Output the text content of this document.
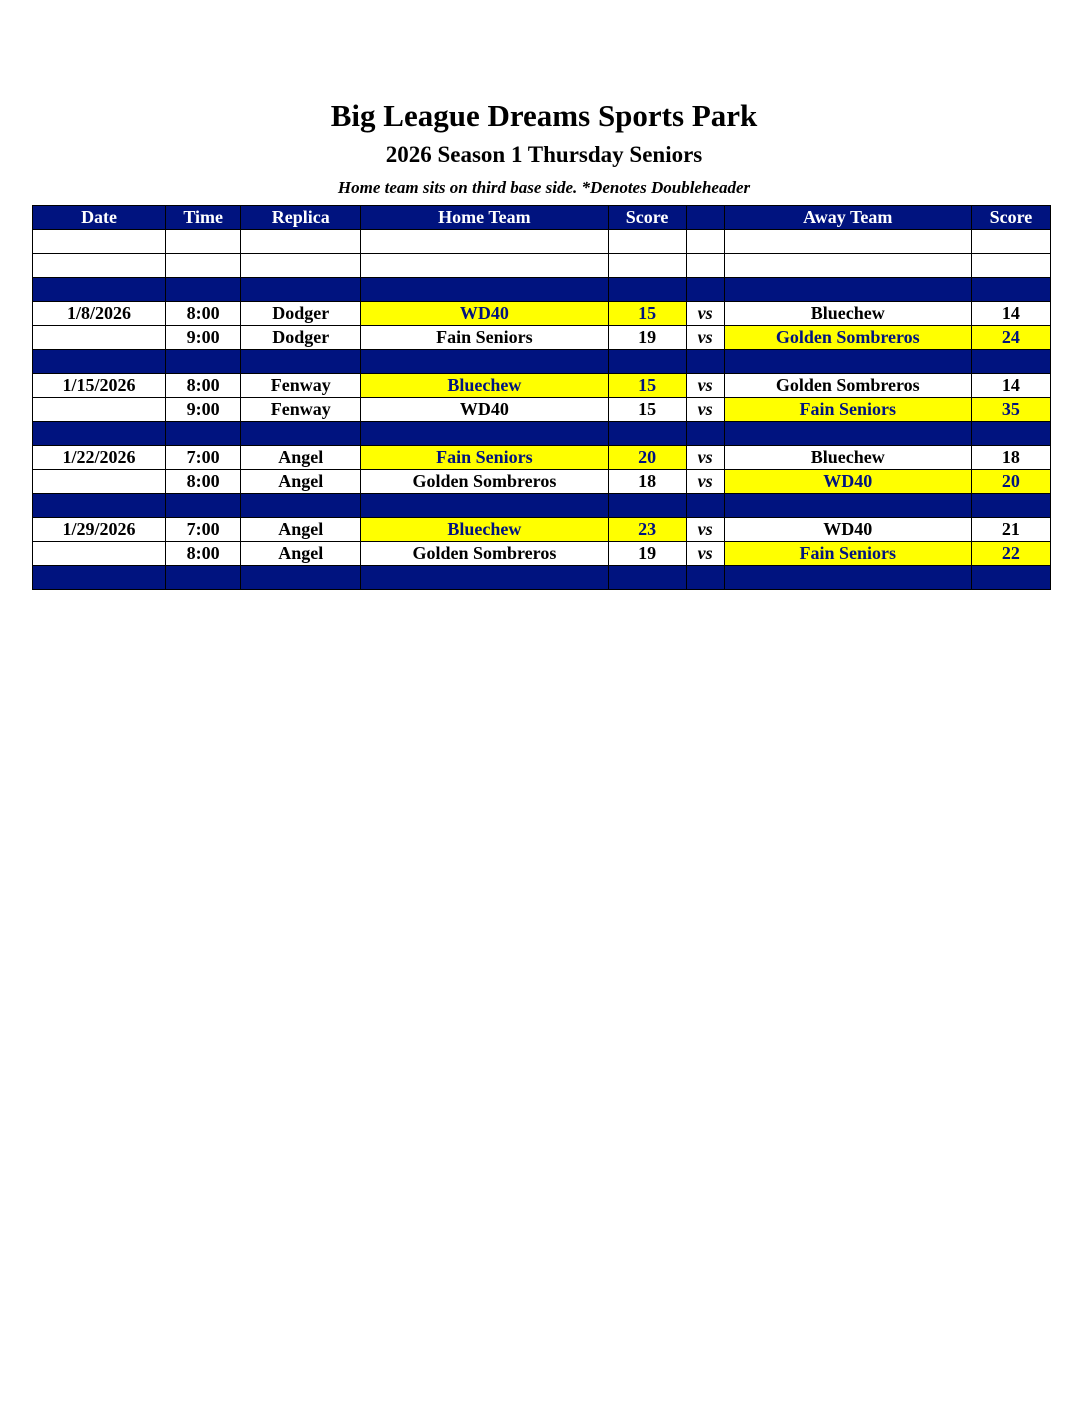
Big League Dreams Sports Park
2026 Season 1 Thursday Seniors
Home team sits on third base side. *Denotes Doubleheader
Date	Time	Replica	Home Team	Score		Away Team	Score

1/8/2026	8:00	Dodger	WD40	15	vs	Bluechew	14
	9:00	Dodger	Fain Seniors	19	vs	Golden Sombreros	24

1/15/2026	8:00	Fenway	Bluechew	15	vs	Golden Sombreros	14
	9:00	Fenway	WD40	15	vs	Fain Seniors	35

1/22/2026	7:00	Angel	Fain Seniors	20	vs	Bluechew	18
	8:00	Angel	Golden Sombreros	18	vs	WD40	20

1/29/2026	7:00	Angel	Bluechew	23	vs	WD40	21
	8:00	Angel	Golden Sombreros	19	vs	Fain Seniors	22
